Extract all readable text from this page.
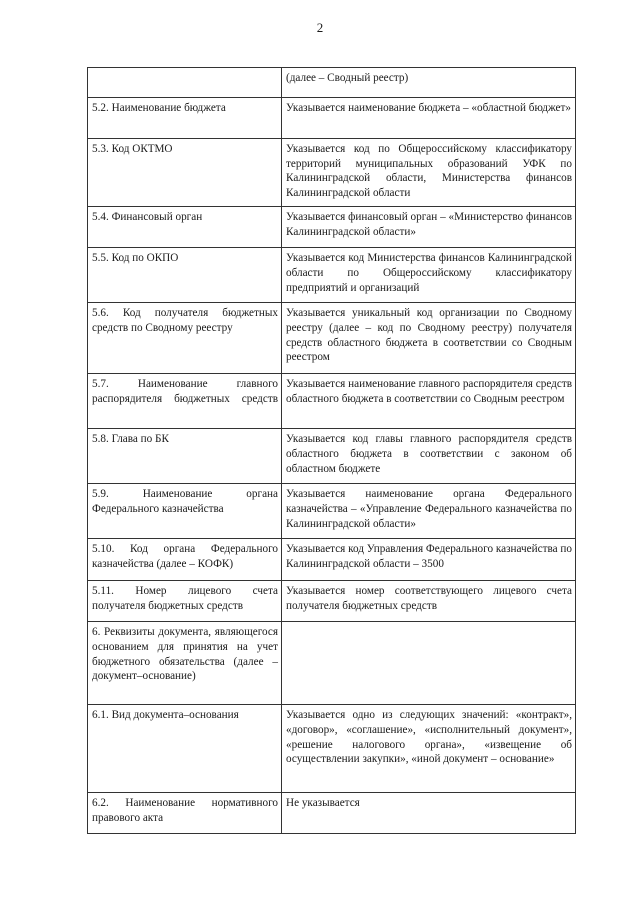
2
	(далее – Сводный реестр)
5.2. Наименование бюджета	Указывается наименование бюджета – «областной бюджет»
5.3. Код ОКТМО	Указывается код по Общероссийскому классификатору территорий муниципальных образований УФК по Калининградской области, Министерства финансов Калининградской области
5.4. Финансовый орган	Указывается финансовый орган – «Министерство финансов Калининградской области»
5.5. Код по ОКПО	Указывается код Министерства финансов Калининградской области по Общероссийскому классификатору предприятий и организаций
5.6. Код получателя бюджетных средств по Сводному реестру	Указывается уникальный код организации по Сводному реестру (далее – код по Сводному реестру) получателя средств областного бюджета в соответствии со Сводным реестром
5.7. Наименование главного распорядителя бюджетных средств	Указывается наименование главного распорядителя средств областного бюджета в соответствии со Сводным реестром
5.8. Глава по БК	Указывается код главы главного распорядителя средств областного бюджета в соответствии с законом об областном бюджете
5.9. Наименование органа Федерального казначейства	Указывается наименование органа Федерального казначейства – «Управление Федерального казначейства по Калининградской области»
5.10. Код органа Федерального казначейства (далее – КОФК)	Указывается код Управления Федерального казначейства по Калининградской области – 3500
5.11. Номер лицевого счета получателя бюджетных средств	Указывается номер соответствующего лицевого счета получателя бюджетных средств
6. Реквизиты документа, являющегося основанием для принятия на учет бюджетного обязательства (далее – документ–основание)	
6.1. Вид документа–основания	Указывается одно из следующих значений: «контракт», «договор», «соглашение», «исполнительный документ», «решение налогового органа», «извещение об осуществлении закупки», «иной документ – основание»
6.2. Наименование нормативного правового акта	Не указывается
